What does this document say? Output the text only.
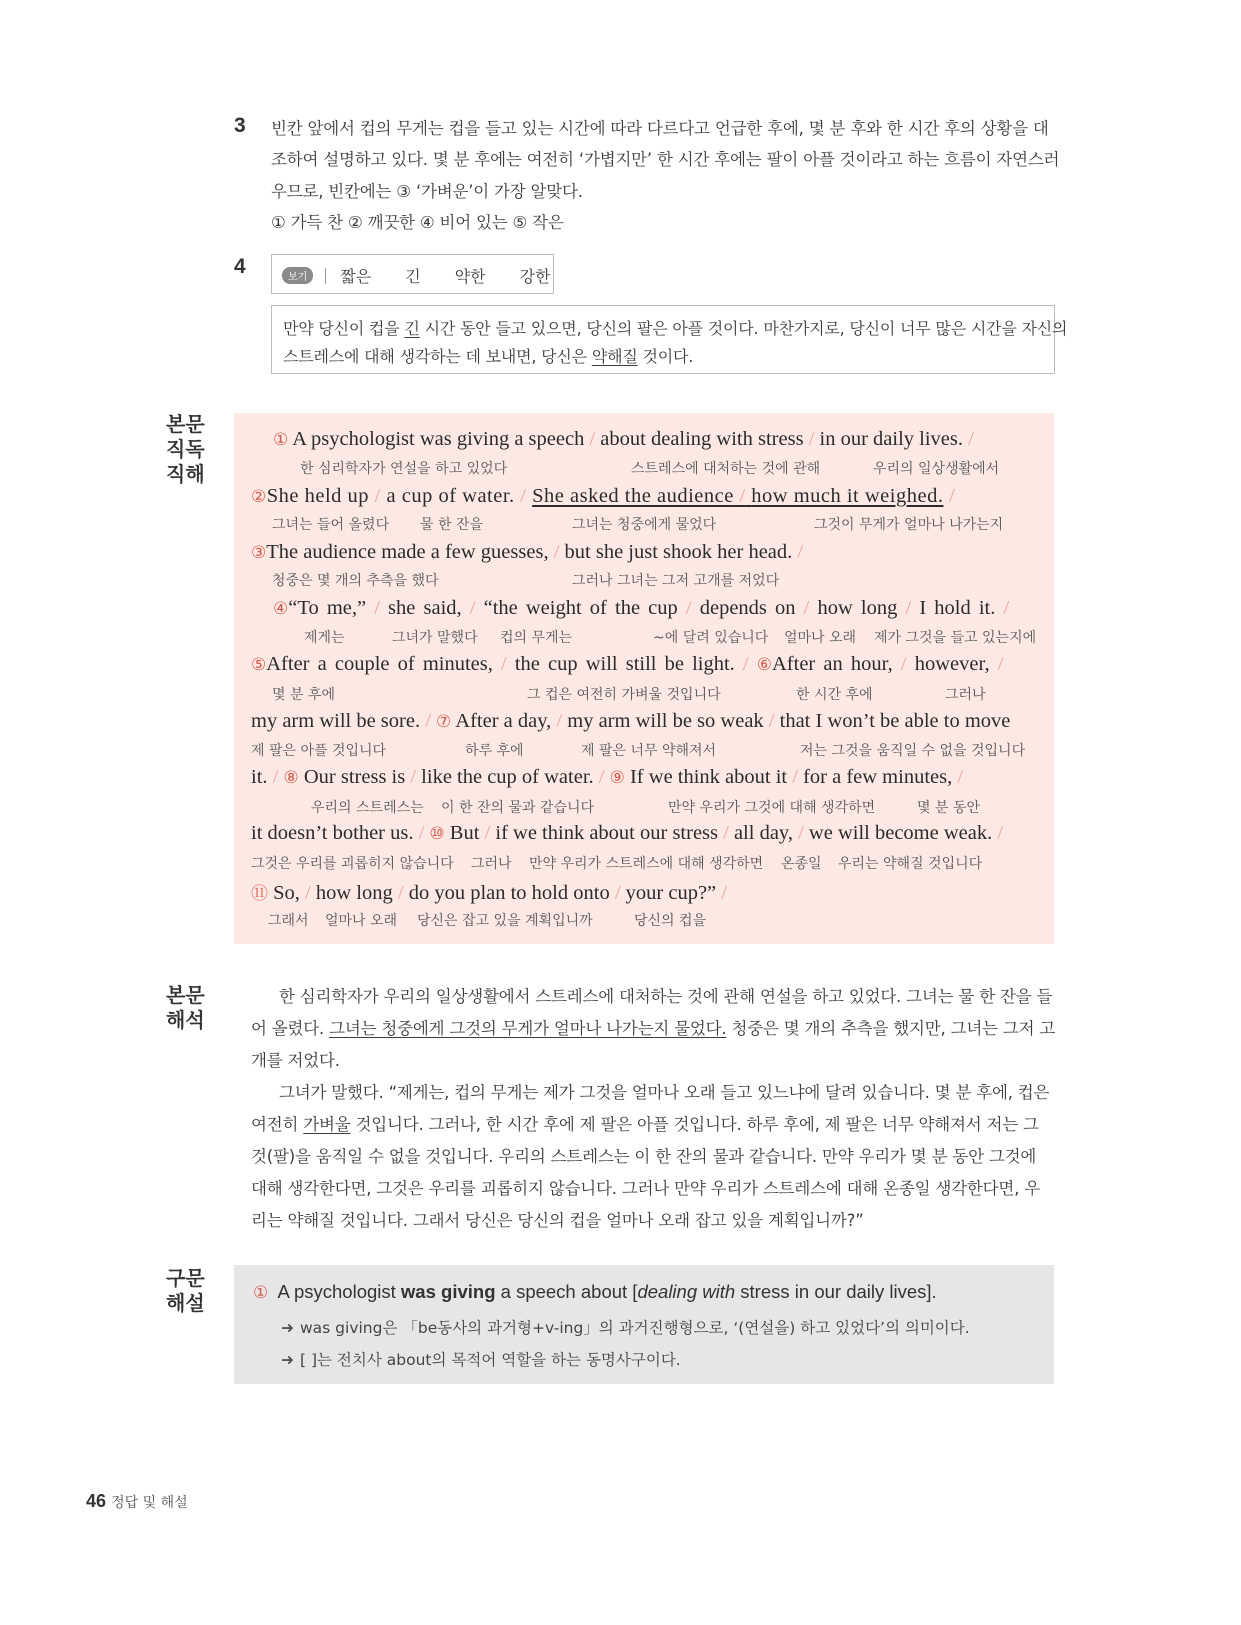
3 빈칸 앞에서 컵의 무게는 컵을 들고 있는 시간에 따라 다르다고 언급한 후에, 몇 분 후와 한 시간 후의 상황을 대
조하여 설명하고 있다. 몇 분 후에는 여전히 ‘가볍지만’ 한 시간 후에는 팔이 아플 것이라고 하는 흐름이 자연스러
우므로, 빈칸에는 ③ ‘가벼운’이 가장 알맞다.
① 가득 찬 ② 깨끗한 ④ 비어 있는 ⑤ 작은
4	보기 짧은 긴 약한 강한
만약 당신이 컵을 긴 시간 동안 들고 있으면, 당신의 팔은 아플 것이다. 마찬가지로, 당신이 너무 많은 시간을 자신의
스트레스에 대해 생각하는 데 보내면, 당신은 약해질 것이다.
본문
직독
직해
① A psychologist was giving a speech / about dealing with stress / in our daily lives. /
한 심리학자가 연설을 하고 있었다	스트레스에 대처하는 것에 관해	우리의 일상생활에서
②She held up / a cup of water. / She asked the audience / how much it weighed. /
그녀는 들어 올렸다 물 한 잔을	그녀는 청중에게 물었다	그것이 무게가 얼마나 나가는지
③The audience made a few guesses, / but she just shook her head. /
청중은 몇 개의 추측을 했다	그러나 그녀는 그저 고개를 저었다
④“To me,” / she said, / “the weight of the cup / depends on / how long / I hold it. /
제게는	그녀가 말했다 컵의 무게는	~에 달려 있습니다 얼마나 오래 제가 그것을 들고 있는지에
⑤After a couple of minutes, / the cup will still be light. / ⑥After an hour, / however, /
몇 분 후에	그 컵은 여전히 가벼울 것입니다	한 시간 후에	그러나
my arm will be sore. / ⑦ After a day, / my arm will be so weak / that I won’t be able to move
제 팔은 아플 것입니다	하루 후에	제 팔은 너무 약해져서	저는 그것을 움직일 수 없을 것입니다
it. / ⑧ Our stress is / like the cup of water. / ⑨ If we think about it / for a few minutes, /
우리의 스트레스는 이 한 잔의 물과 같습니다	만약 우리가 그것에 대해 생각하면	몇 분 동안
it doesn’t bother us. / ⑩ But / if we think about our stress / all day, / we will become weak. /
그것은 우리를 괴롭히지 않습니다 그러나 만약 우리가 스트레스에 대해 생각하면 온종일 우리는 약해질 것입니다
⑪ So, / how long / do you plan to hold onto / your cup?” /
그래서 얼마나 오래 당신은 잡고 있을 계획입니까	당신의 컵을
본문
해석
한 심리학자가 우리의 일상생활에서 스트레스에 대처하는 것에 관해 연설을 하고 있었다. 그녀는 물 한 잔을 들
어 올렸다. 그녀는 청중에게 그것의 무게가 얼마나 나가는지 물었다. 청중은 몇 개의 추측을 했지만, 그녀는 그저 고
개를 저었다.
그녀가 말했다. “제게는, 컵의 무게는 제가 그것을 얼마나 오래 들고 있느냐에 달려 있습니다. 몇 분 후에, 컵은
여전히 가벼울 것입니다. 그러나, 한 시간 후에 제 팔은 아플 것입니다. 하루 후에, 제 팔은 너무 약해져서 저는 그
것(팔)을 움직일 수 없을 것입니다. 우리의 스트레스는 이 한 잔의 물과 같습니다. 만약 우리가 몇 분 동안 그것에
대해 생각한다면, 그것은 우리를 괴롭히지 않습니다. 그러나 만약 우리가 스트레스에 대해 온종일 생각한다면, 우
리는 약해질 것입니다. 그래서 당신은 당신의 컵을 얼마나 오래 잡고 있을 계획입니까?”
구문
해설	① A psychologist was giving a speech about [dealing with stress in our daily lives].
➜ was giving은 「be동사의 과거형+v-ing」의 과거진행형으로, ‘(연설을) 하고 있었다’의 의미이다.
➜ [ ]는 전치사 about의 목적어 역할을 하는 동명사구이다.
46 정답 및 해설
